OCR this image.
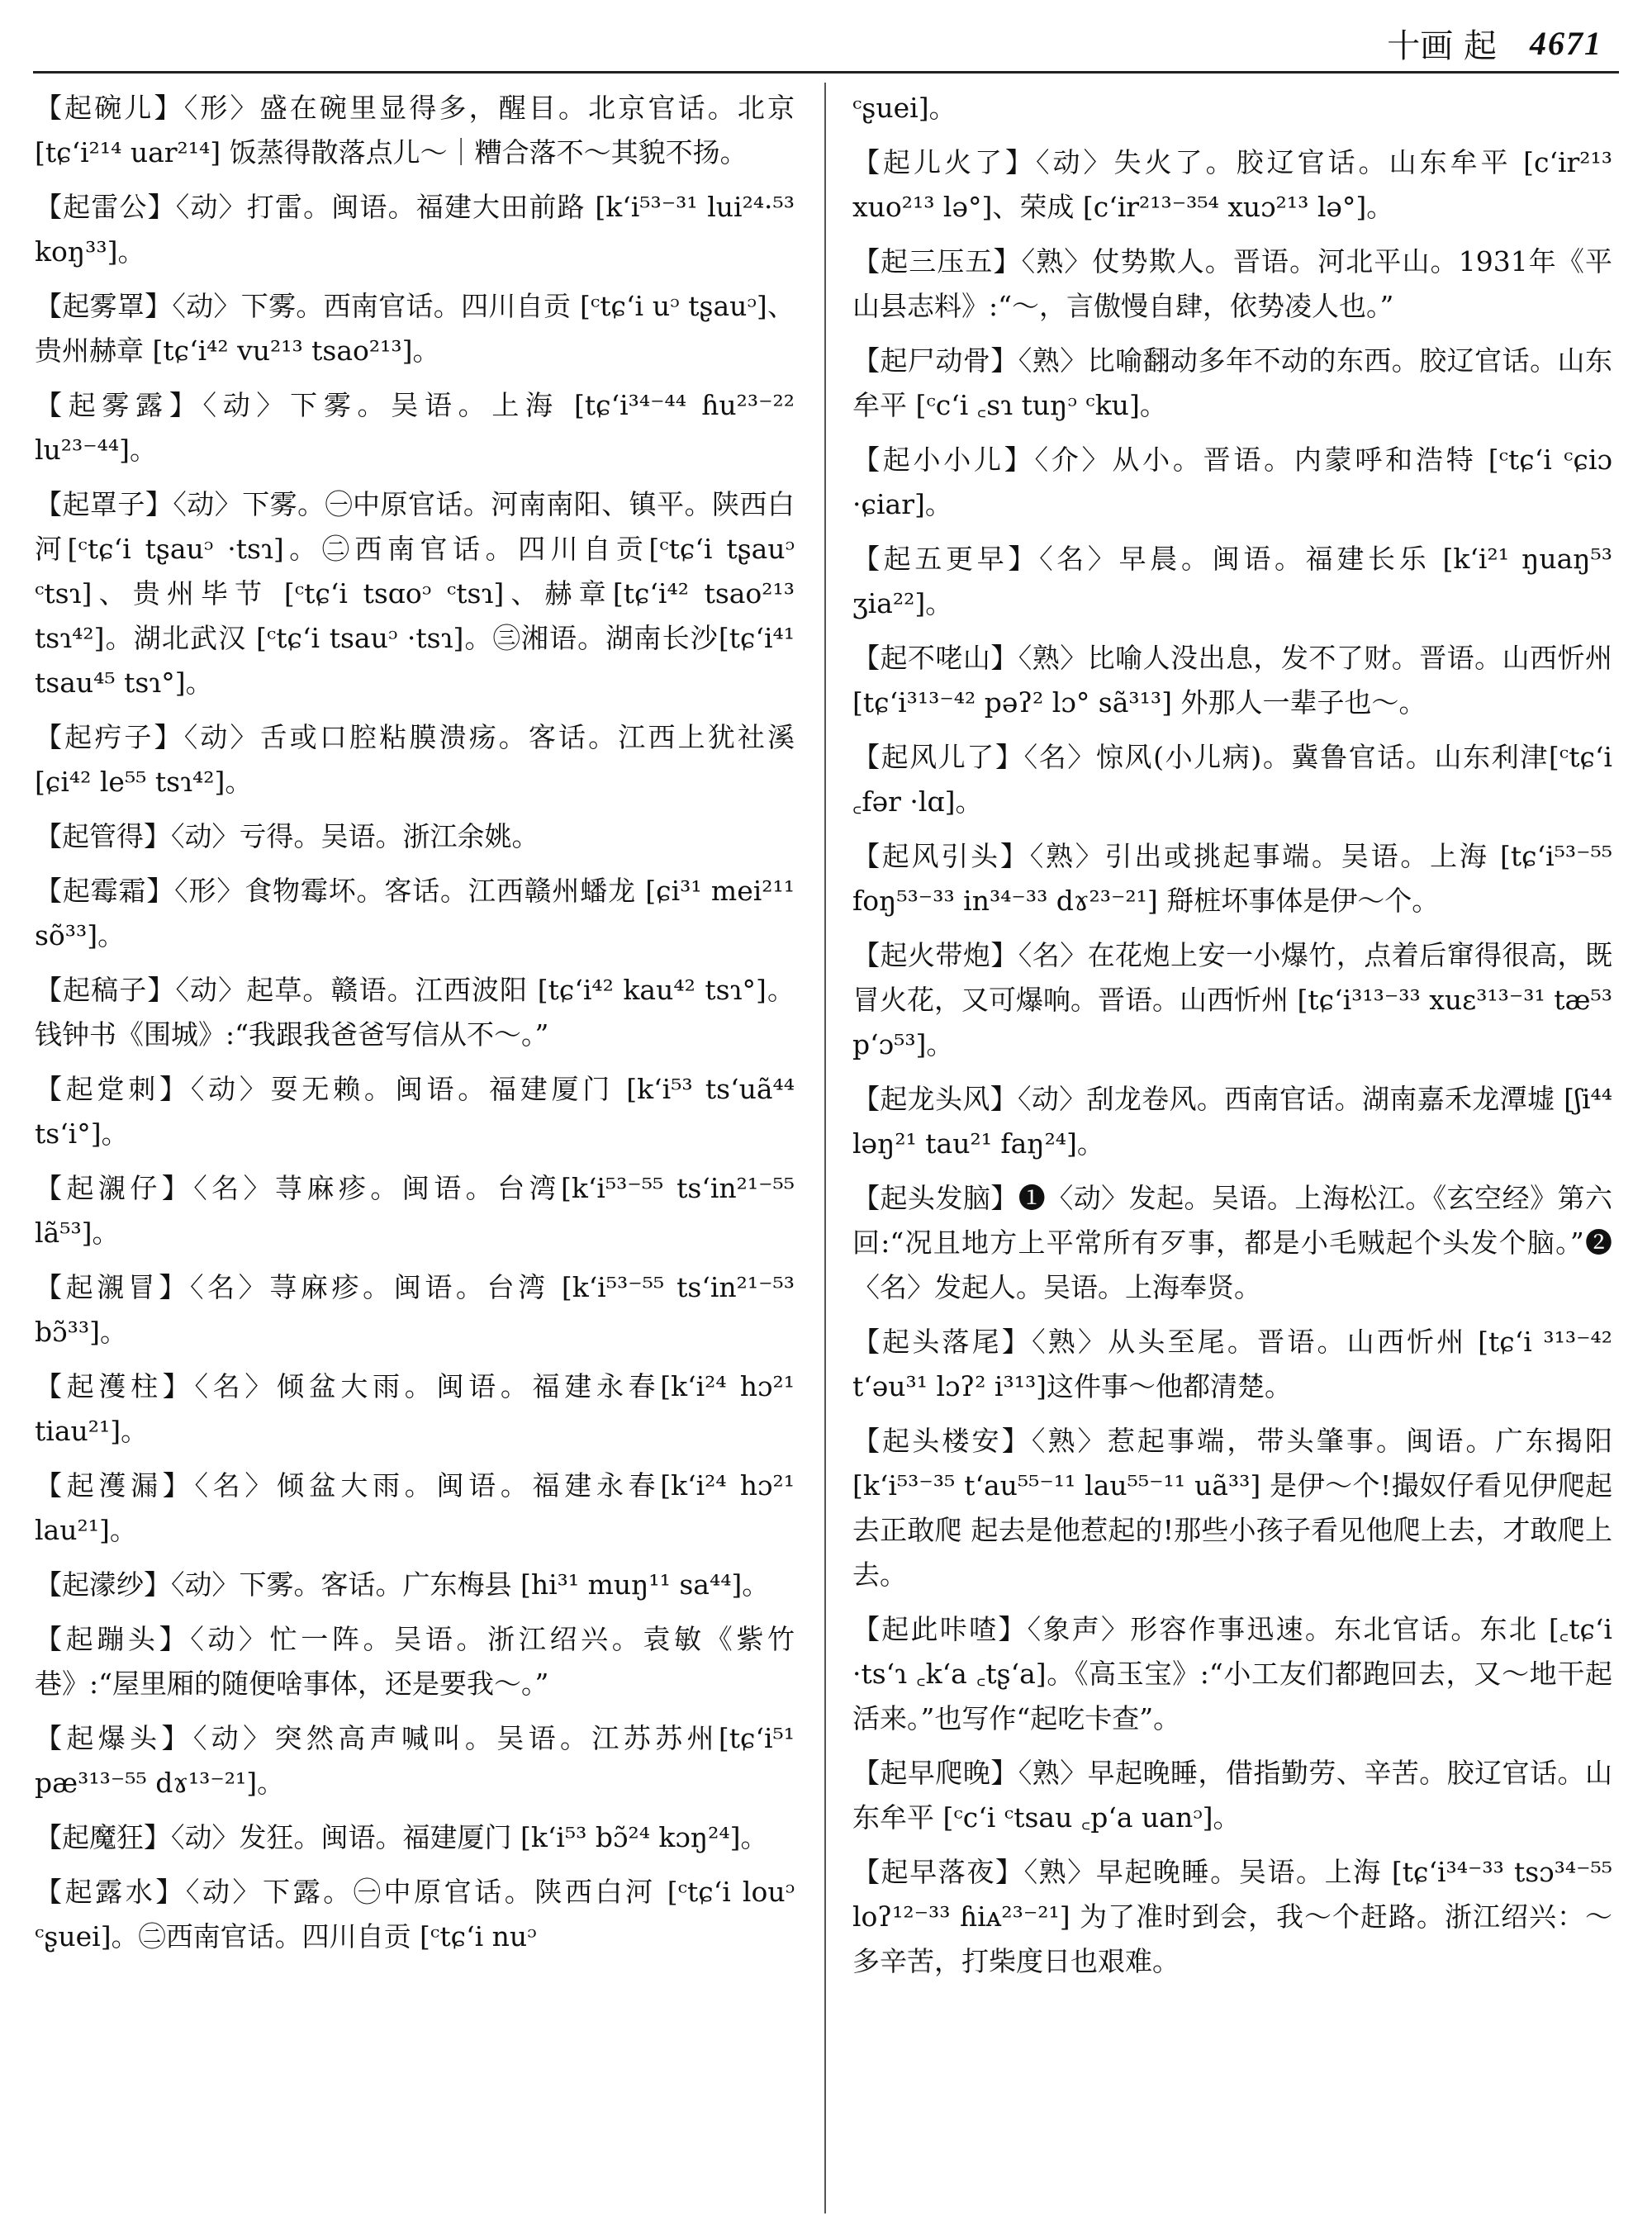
十画 起 4671
【起碗儿】〈形〉盛在碗里显得多，醒目。北京官话。北京 [tɕʻi²¹⁴ uar²¹⁴] 饭蒸得散落点儿～｜糟合落不～其貌不扬。
【起雷公】〈动〉打雷。闽语。福建大田前路 [kʻi⁵³⁻³¹ lui²⁴·⁵³ koŋ³³]。
【起雾罩】〈动〉下雾。西南官话。四川自贡 [ᶜtɕʻi uᵓ tʂauᵓ]、贵州赫章 [tɕʻi⁴² vu²¹³ tsao²¹³]。
【起雾露】〈动〉下雾。吴语。上海 [tɕʻi³⁴⁻⁴⁴ ɦu²³⁻²² lu²³⁻⁴⁴]。
【起罩子】〈动〉下雾。㊀中原官话。河南南阳、镇平。陕西白河[ᶜtɕʻi tʂauᵓ ·tsɿ]。㊁西南官话。四川自贡[ᶜtɕʻi tʂauᵓ ᶜtsɿ]、贵州毕节 [ᶜtɕʻi tsɑoᵓ ᶜtsɿ]、赫章[tɕʻi⁴² tsao²¹³ tsɿ⁴²]。湖北武汉 [ᶜtɕʻi tsauᵓ ·tsɿ]。㊂湘语。湖南长沙[tɕʻi⁴¹ tsau⁴⁵ tsɿ°]。
【起㽲子】〈动〉舌或口腔粘膜溃疡。客话。江西上犹社溪 [ɕi⁴² le⁵⁵ tsɿ⁴²]。
【起管得】〈动〉亏得。吴语。浙江余姚。
【起霉霜】〈形〉食物霉坏。客话。江西赣州蟠龙 [ɕi³¹ mei²¹¹ sõ³³]。
【起稿子】〈动〉起草。赣语。江西波阳 [tɕʻi⁴² kau⁴² tsɿ°]。钱钟书《围城》:“我跟我爸爸写信从不～。”
【起䟫刺】〈动〉耍无赖。闽语。福建厦门 [kʻi⁵³ tsʻuã⁴⁴ tsʻi°]。
【起瀙仔】〈名〉荨麻疹。闽语。台湾[kʻi⁵³⁻⁵⁵ tsʻin²¹⁻⁵⁵ lã⁵³]。
【起瀙冒】〈名〉荨麻疹。闽语。台湾 [kʻi⁵³⁻⁵⁵ tsʻin²¹⁻⁵³ bɔ̃³³]。
【起濩柱】〈名〉倾盆大雨。闽语。福建永春[kʻi²⁴ hɔ²¹ tiau²¹]。
【起濩漏】〈名〉倾盆大雨。闽语。福建永春[kʻi²⁴ hɔ²¹ lau²¹]。
【起濛纱】〈动〉下雾。客话。广东梅县 [hi³¹ muŋ¹¹ sa⁴⁴]。
【起蹦头】〈动〉忙一阵。吴语。浙江绍兴。袁敏《紫竹巷》:“屋里厢的随便啥事体，还是要我～。”
【起爆头】〈动〉突然高声喊叫。吴语。江苏苏州[tɕʻi⁵¹ pæ³¹³⁻⁵⁵ dɤ¹³⁻²¹]。
【起魔狂】〈动〉发狂。闽语。福建厦门 [kʻi⁵³ bɔ̃²⁴ kɔŋ²⁴]。
【起露水】〈动〉下露。㊀中原官话。陕西白河 [ᶜtɕʻi louᵓ ᶜʂuei]。㊁西南官话。四川自贡 [ᶜtɕʻi nuᵓ
ᶜʂuei]。
【起儿火了】〈动〉失火了。胶辽官话。山东牟平 [cʻir²¹³ xuo²¹³ lə°]、荣成 [cʻir²¹³⁻³⁵⁴ xuɔ²¹³ lə°]。
【起三压五】〈熟〉仗势欺人。晋语。河北平山。1931年《平山县志料》:“～，言傲慢自肆，依势凌人也。”
【起尸动骨】〈熟〉比喻翻动多年不动的东西。胶辽官话。山东牟平 [ᶜcʻi ꜀sɿ tuŋᵓ ᶜku]。
【起小小儿】〈介〉从小。晋语。内蒙呼和浩特 [ᶜtɕʻi ᶜɕiɔ ·ɕiar]。
【起五更早】〈名〉早晨。闽语。福建长乐 [kʻi²¹ ŋuaŋ⁵³ ʒia²²]。
【起不咾山】〈熟〉比喻人没出息，发不了财。晋语。山西忻州 [tɕʻi³¹³⁻⁴² pəʔ² lɔ° sã³¹³] 外那人一辈子也～。
【起风儿了】〈名〉惊风(小儿病)。冀鲁官话。山东利津[ᶜtɕʻi ꜀fər ·lɑ]。
【起风引头】〈熟〉引出或挑起事端。吴语。上海 [tɕʻi⁵³⁻⁵⁵ foŋ⁵³⁻³³ in³⁴⁻³³ dɤ²³⁻²¹] 搿桩坏事体是伊～个。
【起火带炮】〈名〉在花炮上安一小爆竹，点着后窜得很高，既冒火花，又可爆响。晋语。山西忻州 [tɕʻi³¹³⁻³³ xuɛ³¹³⁻³¹ tæ⁵³ pʻɔ⁵³]。
【起龙头风】〈动〉刮龙卷风。西南官话。湖南嘉禾龙潭墟 [ʃi⁴⁴ ləŋ²¹ tau²¹ faŋ²⁴]。
【起头发脑】❶〈动〉发起。吴语。上海松江。《玄空经》第六回:“况且地方上平常所有歹事，都是小毛贼起个头发个脑。”❷〈名〉发起人。吴语。上海奉贤。
【起头落尾】〈熟〉从头至尾。晋语。山西忻州 [tɕʻi ³¹³⁻⁴² tʻəu³¹ lɔʔ² i³¹³]这件事～他都清楚。
【起头楼安】〈熟〉惹起事端，带头肇事。闽语。广东揭阳 [kʻi⁵³⁻³⁵ tʻau⁵⁵⁻¹¹ lau⁵⁵⁻¹¹ uã³³] 是伊～个!撮奴仔看见伊爬起去正敢爬 起去是他惹起的!那些小孩子看见他爬上去，才敢爬上去。
【起此咔喳】〈象声〉形容作事迅速。东北官话。东北 [꜀tɕʻi ·tsʻɿ ꜀kʻa ꜀tʂʻa]。《高玉宝》:“小工友们都跑回去，又～地干起活来。”也写作“起吃卡查”。
【起早爬晚】〈熟〉早起晚睡，借指勤劳、辛苦。胶辽官话。山东牟平 [ᶜcʻi ᶜtsau ꜀pʻa uanᵓ]。
【起早落夜】〈熟〉早起晚睡。吴语。上海 [tɕʻi³⁴⁻³³ tsɔ³⁴⁻⁵⁵ loʔ¹²⁻³³ ɦiᴀ²³⁻²¹] 为了准时到会，我～个赶路。浙江绍兴：～多辛苦，打柴度日也艰难。
